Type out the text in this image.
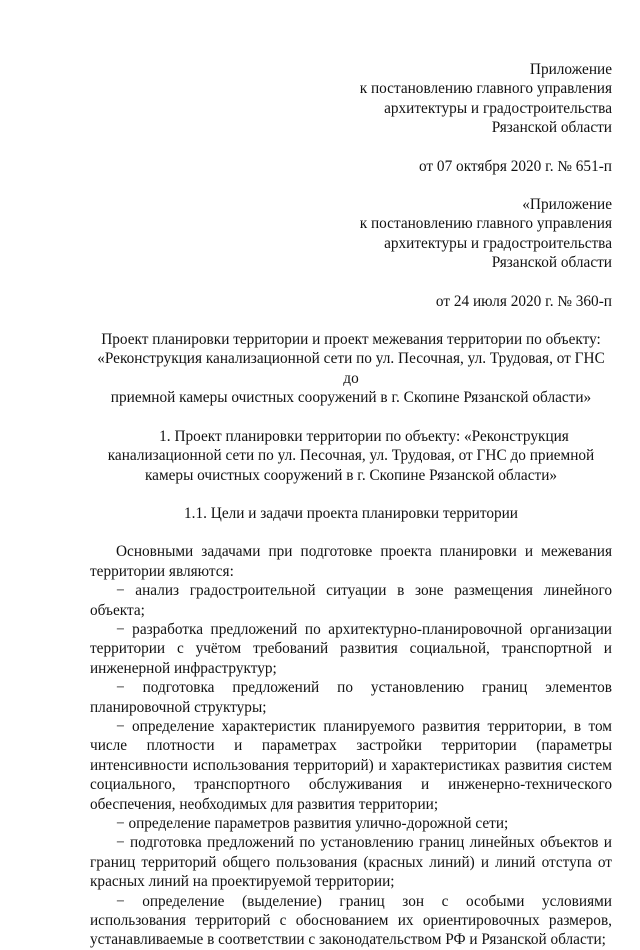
Приложение
к постановлению главного управления
архитектуры и градостроительства
Рязанской области
от 07 октября 2020 г. № 651-п
«Приложение
к постановлению главного управления
архитектуры и градостроительства
Рязанской области
от 24 июля 2020 г. № 360-п
Проект планировки территории и проект межевания территории по объекту:
«Реконструкция канализационной сети по ул. Песочная, ул. Трудовая, от ГНС до
приемной камеры очистных сооружений в г. Скопине Рязанской области»
1. Проект планировки территории по объекту: «Реконструкция
канализационной сети по ул. Песочная, ул. Трудовая, от ГНС до приемной
камеры очистных сооружений в г. Скопине Рязанской области»
1.1. Цели и задачи проекта планировки территории
Основными задачами при подготовке проекта планировки и межевания территории являются:
− анализ градостроительной ситуации в зоне размещения линейного объекта;
− разработка предложений по архитектурно-планировочной организации территории с учётом требований развития социальной, транспортной и инженерной инфраструктур;
− подготовка предложений по установлению границ элементов планировочной структуры;
− определение характеристик планируемого развития территории, в том числе плотности и параметрах застройки территории (параметры интенсивности использования территорий) и характеристиках развития систем социального, транспортного обслуживания и инженерно-технического обеспечения, необходимых для развития территории;
− определение параметров развития улично-дорожной сети;
− подготовка предложений по установлению границ линейных объектов и границ территорий общего пользования (красных линий) и линий отступа от красных линий на проектируемой территории;
− определение (выделение) границ зон с особыми условиями использования территорий с обоснованием их ориентировочных размеров, устанавливаемые в соответствии с законодательством РФ и Рязанской области;
